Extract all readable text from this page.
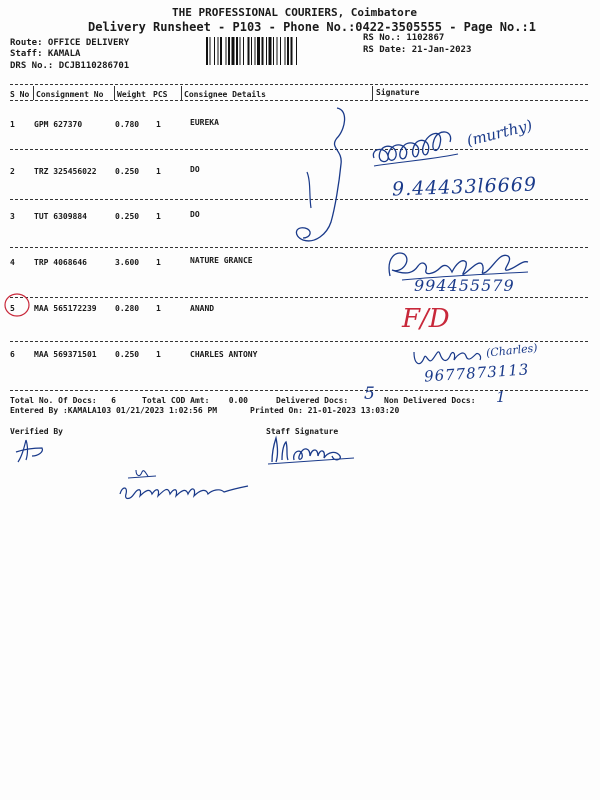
THE PROFESSIONAL COURIERS, Coimbatore
Delivery Runsheet - P103 - Phone No.:0422-3505555 - Page No.:1
Route: OFFICE DELIVERY
Staff: KAMALA
DRS No.: DCJB110286701
RS No.: 1102867
RS Date: 21-Jan-2023
S No Consignment No Weight PCS Consignee Details	Signature
1 GPM 627370	0.780 1	EUREKA
2 TRZ 325456022 0.250 1	DO
3 TUT 6309884	0.250 1	DO
4 TRP 4068646	3.600 1	NATURE GRANCE
5 MAA 565172239 0.280 1	ANAND
6 MAA 569371501 0.250 1	CHARLES ANTONY
(murthy)
9.44433l6669
994455579
F/D
(Charles)
9677873113
Total No. Of Docs:   6	Total COD Amt:    0.00	Delivered Docs: 5 Non Delivered Docs: 1
Entered By :KAMALA103 01/21/2023 1:02:56 PM	Printed On: 21-01-2023 13:03:20
Verified By	Staff Signature
